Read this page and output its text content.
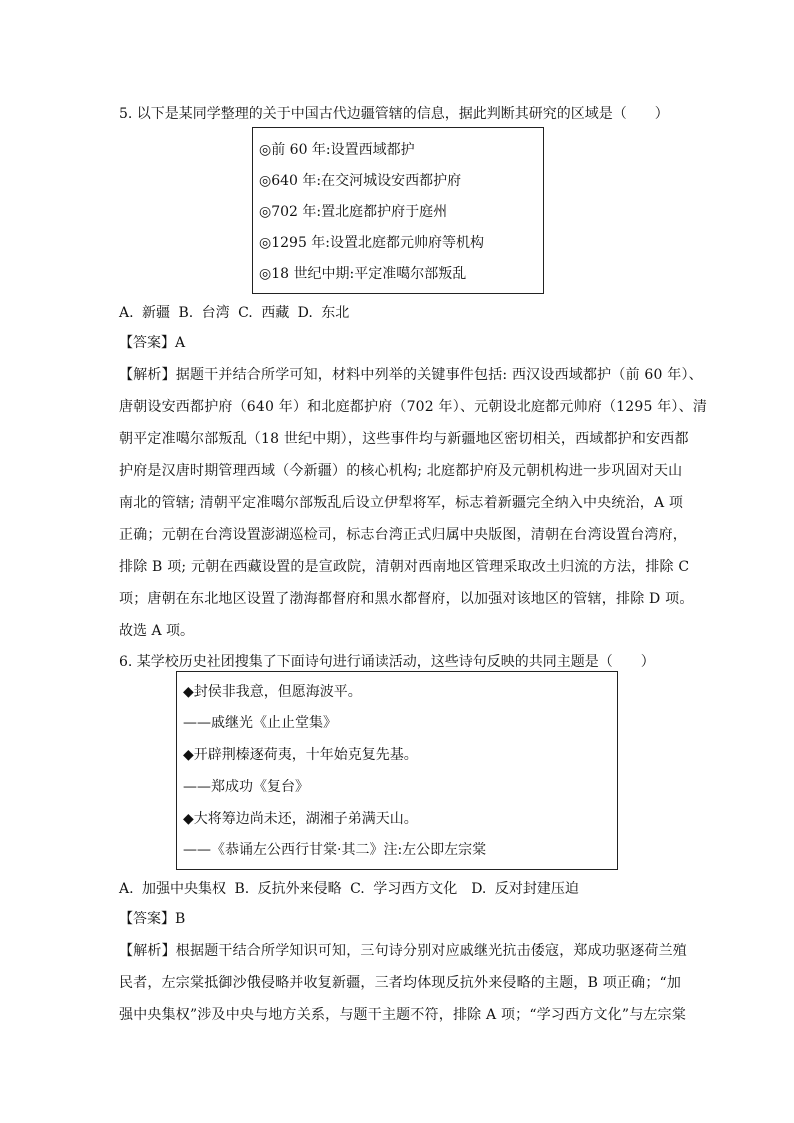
5. 以下是某同学整理的关于中国古代边疆管辖的信息，据此判断其研究的区域是（　　）
◎前 60 年:设置西域都护
◎640 年:在交河城设安西都护府
◎702 年:置北庭都护府于庭州
◎1295 年:设置北庭都元帅府等机构
◎18 世纪中期:平定准噶尔部叛乱
A. 新疆 B. 台湾 C. 西藏 D. 东北
【答案】A
【解析】据题干并结合所学可知，材料中列举的关键事件包括: 西汉设西域都护（前 60 年）、
唐朝设安西都护府（640 年）和北庭都护府（702 年）、元朝设北庭都元帅府（1295 年）、清
朝平定准噶尔部叛乱（18 世纪中期），这些事件均与新疆地区密切相关，西域都护和安西都
护府是汉唐时期管理西域（今新疆）的核心机构; 北庭都护府及元朝机构进一步巩固对天山
南北的管辖; 清朝平定准噶尔部叛乱后设立伊犁将军，标志着新疆完全纳入中央统治，A 项
正确；元朝在台湾设置澎湖巡检司，标志台湾正式归属中央版图，清朝在台湾设置台湾府，
排除 B 项; 元朝在西藏设置的是宣政院，清朝对西南地区管理采取改土归流的方法，排除 C
项；唐朝在东北地区设置了渤海都督府和黑水都督府，以加强对该地区的管辖，排除 D 项。
故选 A 项。
6. 某学校历史社团搜集了下面诗句进行诵读活动，这些诗句反映的共同主题是（　　）
◆封侯非我意，但愿海波平。
——戚继光《止止堂集》
◆开辟荆榛逐荷夷，十年始克复先基。
——郑成功《复台》
◆大将筹边尚未还，湖湘子弟满天山。
——《恭诵左公西行甘棠·其二》注:左公即左宗棠
A. 加强中央集权 B. 反抗外来侵略 C. 学习西方文化　D. 反对封建压迫
【答案】B
【解析】根据题干结合所学知识可知，三句诗分别对应戚继光抗击倭寇，郑成功驱逐荷兰殖
民者，左宗棠抵御沙俄侵略并收复新疆，三者均体现反抗外来侵略的主题，B 项正确；“加
强中央集权”涉及中央与地方关系，与题干主题不符，排除 A 项；“学习西方文化”与左宗棠
